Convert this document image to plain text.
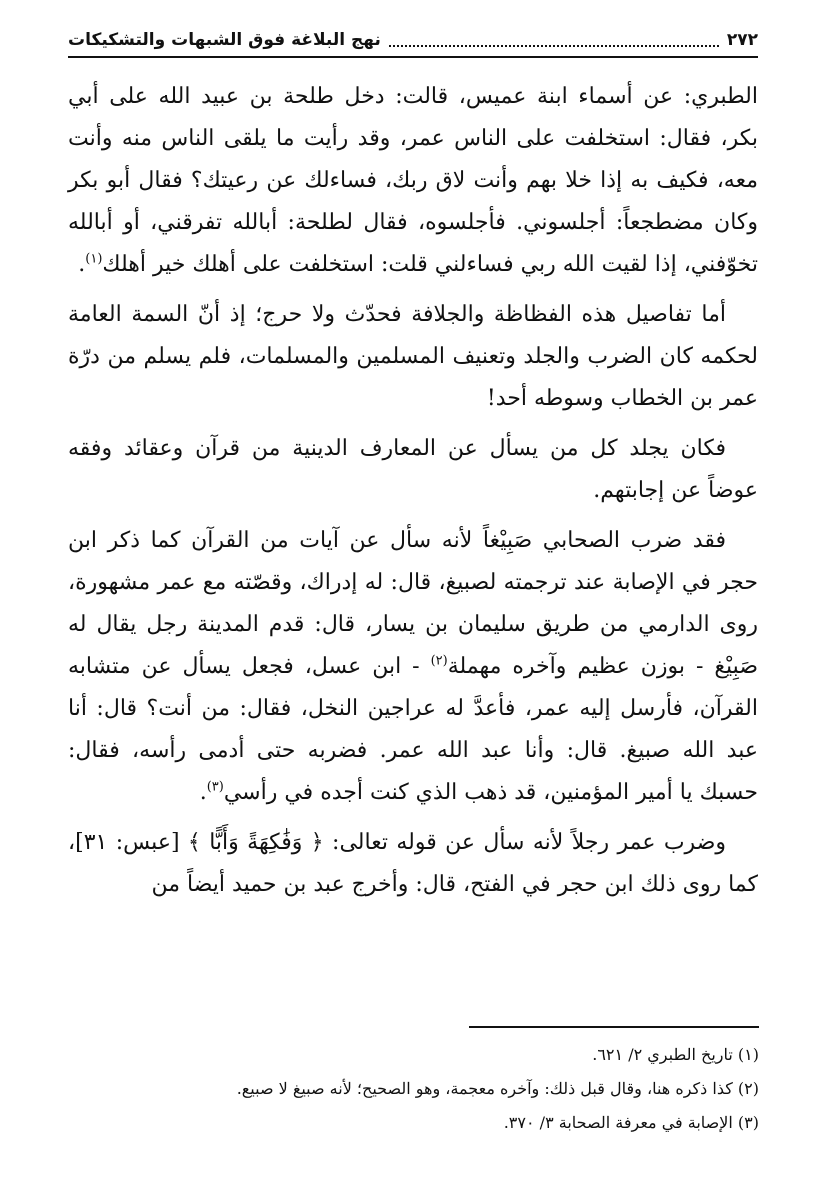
٢٧٢
نهج البلاغة فوق الشبهات والتشكيكات

الطبري: عن أسماء ابنة عميس، قالت: دخل طلحة بن عبيد الله على أبي بكر، فقال: استخلفت على الناس عمر، وقد رأيت ما يلقى الناس منه وأنت معه، فكيف به إذا خلا بهم وأنت لاق ربك، فساءلك عن رعيتك؟ فقال أبو بكر وكان مضطجعاً: أجلسوني. فأجلسوه، فقال لطلحة: أبالله تفرقني، أو أبالله تخوّفني، إذا لقيت الله ربي فساءلني قلت: استخلفت على أهلك خير أهلك$^{(١)}$.

أما تفاصيل هذه الفظاظة والجلافة فحدّث ولا حرج؛ إذ أنّ السمة العامة لحكمه كان الضرب والجلد وتعنيف المسلمين والمسلمات، فلم يسلم من درّة عمر بن الخطاب وسوطه أحد!

فكان يجلد كل من يسأل عن المعارف الدينية من قرآن وعقائد وفقه عوضاً عن إجابتهم.

فقد ضرب الصحابي صَبِيْغاً لأنه سأل عن آيات من القرآن كما ذكر ابن حجر في الإصابة عند ترجمته لصبيغ، قال: له إدراك، وقصّته مع عمر مشهورة، روى الدارمي من طريق سليمان بن يسار، قال: قدم المدينة رجل يقال له صَبِيْغ - بوزن عظيم وآخره مهملة$^{(٢)}$ - ابن عسل، فجعل يسأل عن متشابه القرآن، فأرسل إليه عمر، فأعدَّ له عراجين النخل، فقال: من أنت؟ قال: أنا عبد الله صبيغ. قال: وأنا عبد الله عمر. فضربه حتى أدمى رأسه، فقال: حسبك يا أمير المؤمنين، قد ذهب الذي كنت أجده في رأسي$^{(٣)}$.

وضرب عمر رجلاً لأنه سأل عن قوله تعالى: ﴿ وَفَٰكِهَةً وَأَبًّا ﴾ [عبس: ٣١]، كما روى ذلك ابن حجر في الفتح، قال: وأخرج عبد بن حميد أيضاً من

(١) تاريخ الطبري ٢/ ٦٢١.
(٢) كذا ذكره هنا، وقال قبل ذلك: وآخره معجمة، وهو الصحيح؛ لأنه صبيغ لا صبيع.
(٣) الإصابة في معرفة الصحابة ٣/ ٣٧٠.
